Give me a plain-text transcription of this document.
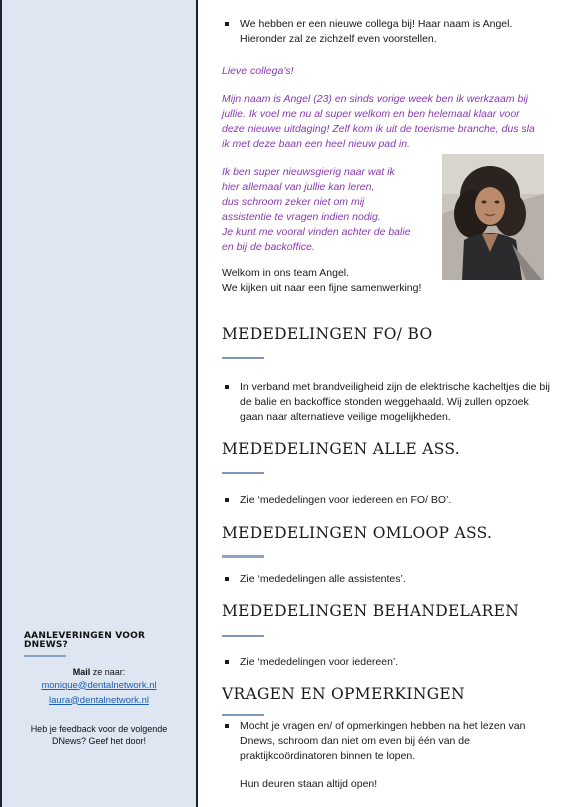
AANLEVERINGEN VOOR DNEWS?
Mail ze naar:
monique@dentalnetwork.nl
laura@dentalnetwork.nl
Heb je feedback voor de volgende DNews? Geef het door!
We hebben er een nieuwe collega bij! Haar naam is Angel. Hieronder zal ze zichzelf even voorstellen.
Lieve collega’s!
Mijn naam is Angel (23) en sinds vorige week ben ik werkzaam bij jullie. Ik voel me nu al super welkom en ben helemaal klaar voor deze nieuwe uitdaging! Zelf kom ik uit de toerisme branche, dus sla ik met deze baan een heel nieuw pad in.
Ik ben super nieuwsgierig naar wat ik
hier allemaal van jullie kan leren,
dus schroom zeker niet om mij
assistentie te vragen indien nodig.
Je kunt me vooral vinden achter de balie
en bij de backoffice.
Welkom in ons team Angel.
We kijken uit naar een fijne samenwerking!
MEDEDELINGEN FO/ BO
In verband met brandveiligheid zijn de elektrische kacheltjes die bij de balie en backoffice stonden weggehaald. Wij zullen opzoek gaan naar alternatieve veilige mogelijkheden.
MEDEDELINGEN ALLE ASS.
Zie ‘mededelingen voor iedereen en FO/ BO’.
MEDEDELINGEN OMLOOP ASS.
Zie ‘mededelingen alle assistentes’.
MEDEDELINGEN BEHANDELAREN
Zie ‘mededelingen voor iedereen’.
VRAGEN EN OPMERKINGEN
Mocht je vragen en/ of opmerkingen hebben na het lezen van Dnews, schroom dan niet om even bij één van de praktijkcoördinatoren binnen te lopen.
Hun deuren staan altijd open!
